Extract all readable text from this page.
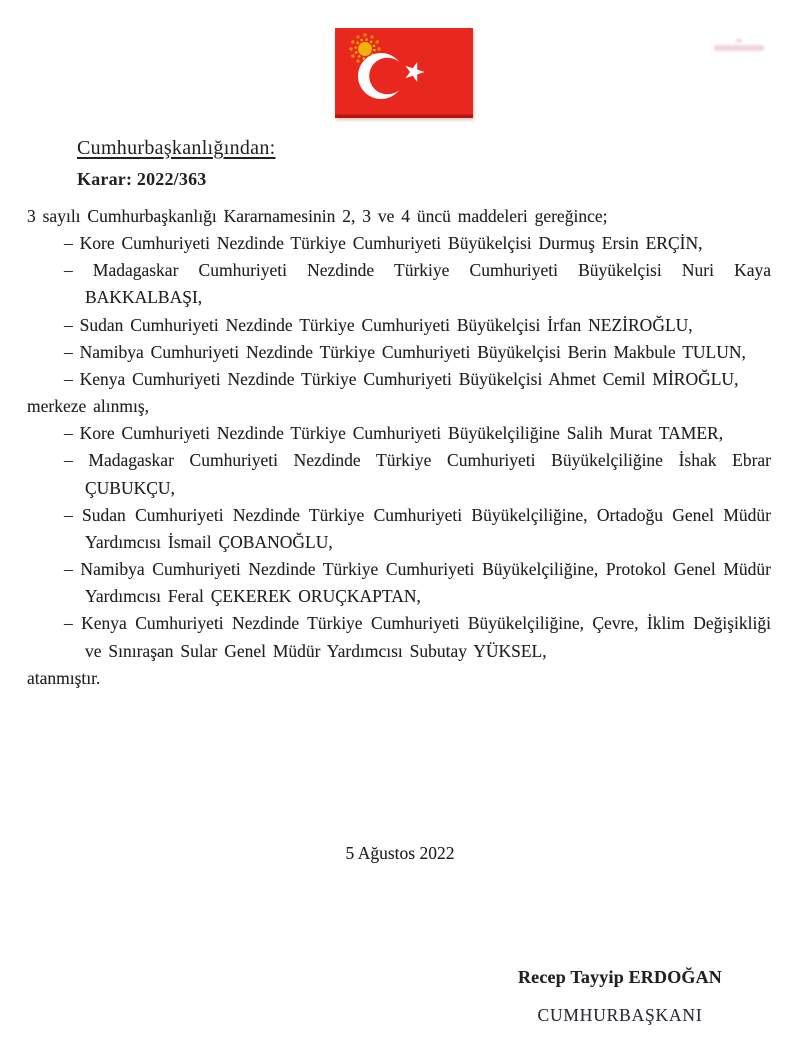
Cumhurbaşkanlığından:

Karar: 2022/363

3 sayılı Cumhurbaşkanlığı Kararnamesinin 2, 3 ve 4 üncü maddeleri gereğince;

– Kore Cumhuriyeti Nezdinde Türkiye Cumhuriyeti Büyükelçisi Durmuş Ersin ERÇİN,

– Madagaskar Cumhuriyeti Nezdinde Türkiye Cumhuriyeti Büyükelçisi Nuri Kaya BAKKALBAŞI,

– Sudan Cumhuriyeti Nezdinde Türkiye Cumhuriyeti Büyükelçisi İrfan NEZİROĞLU,

– Namibya Cumhuriyeti Nezdinde Türkiye Cumhuriyeti Büyükelçisi Berin Makbule TULUN,

– Kenya Cumhuriyeti Nezdinde Türkiye Cumhuriyeti Büyükelçisi Ahmet Cemil MİROĞLU,

merkeze alınmış,

– Kore Cumhuriyeti Nezdinde Türkiye Cumhuriyeti Büyükelçiliğine Salih Murat TAMER,

– Madagaskar Cumhuriyeti Nezdinde Türkiye Cumhuriyeti Büyükelçiliğine İshak Ebrar ÇUBUKÇU,

– Sudan Cumhuriyeti Nezdinde Türkiye Cumhuriyeti Büyükelçiliğine, Ortadoğu Genel Müdür Yardımcısı İsmail ÇOBANOĞLU,

– Namibya Cumhuriyeti Nezdinde Türkiye Cumhuriyeti Büyükelçiliğine, Protokol Genel Müdür Yardımcısı Feral ÇEKEREK ORUÇKAPTAN,

– Kenya Cumhuriyeti Nezdinde Türkiye Cumhuriyeti Büyükelçiliğine, Çevre, İklim Değişikliği ve Sınıraşan Sular Genel Müdür Yardımcısı Subutay YÜKSEL,

atanmıştır.

5 Ağustos 2022

Recep Tayyip ERDOĞAN

CUMHURBAŞKANI
